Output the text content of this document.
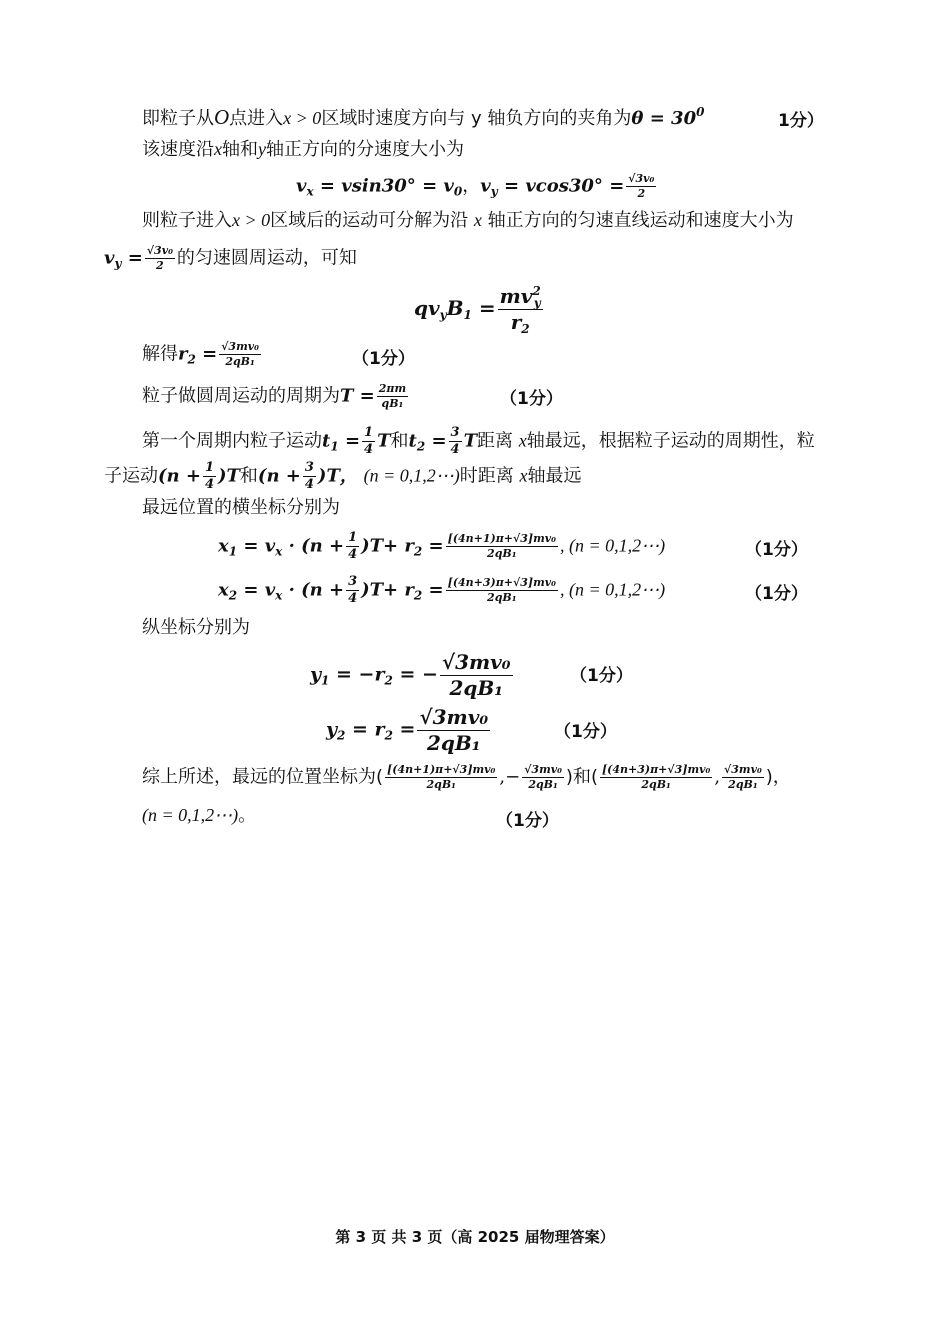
即粒子从O点进入x > 0区域时速度方向与 y 轴负方向的夹角为$\theta = 30^0$	1分）
该速度沿x轴和y轴正方向的分速度大小为
$v_x = vsin30^\circ = v_0$，$v_y = vcos30^\circ = \frac{\text{√3v₀}}{2}$
则粒子进入x > 0区域后的运动可分解为沿 x 轴正方向的匀速直线运动和速度大小为
$v_y = \frac{\text{√3v₀}}{2}$ 的匀速圆周运动，可知
$qv_yB_1 = \frac{mv^2_y}{r_2}$
解得$r_2 = \frac{\text{√3mv₀}}{\text{2qB₁}}$	（1分）
粒子做圆周运动的周期为$T = \frac{2\pi m}{\text{qB₁}}$	（1分）
第一个周期内粒子运动$t_1 = \frac{1}{4}$ T和$t_2 = \frac{3}{4}$ T距离 x轴最远，根据粒子运动的周期性，粒
子运动$(n + \frac{1}{4} )T$和$(n + \frac{3}{4} )T$， (n = 0,1,2⋯)时距离 x轴最远
最远位置的横坐标分别为
$x_1 = v_x \cdot (n + \frac{1}{4} )T+ r_2 = \frac{\text{[(4n+1)π+√3]mv₀}}{\text{2qB₁}}$ , (n = 0,1,2⋯)	（1分）
$x_2 = v_x \cdot (n + \frac{3}{4} )T+ r_2 = \frac{\text{[(4n+3)π+√3]mv₀}}{\text{2qB₁}}$ , (n = 0,1,2⋯)	（1分）
纵坐标分别为
$y_1 = -r_2$ = − $\frac{\text{√3mv₀}}{\text{2qB₁}}$	（1分）
$y_2 = r_2 = \frac{\text{√3mv₀}}{\text{2qB₁}}$	（1分）
综上所述，最远的位置坐标为( $\frac{\text{[(4n+1)π+√3]mv₀}}{\text{2qB₁}}$ ,− $\frac{\text{√3mv₀}}{\text{2qB₁}}$ )和( $\frac{\text{[(4n+3)π+√3]mv₀}}{\text{2qB₁}}$ , $\frac{\text{√3mv₀}}{\text{2qB₁}}$ )，
(n = 0,1,2⋯)。	（1分）
第 3 页 共 3 页（高 2025 届物理答案）
